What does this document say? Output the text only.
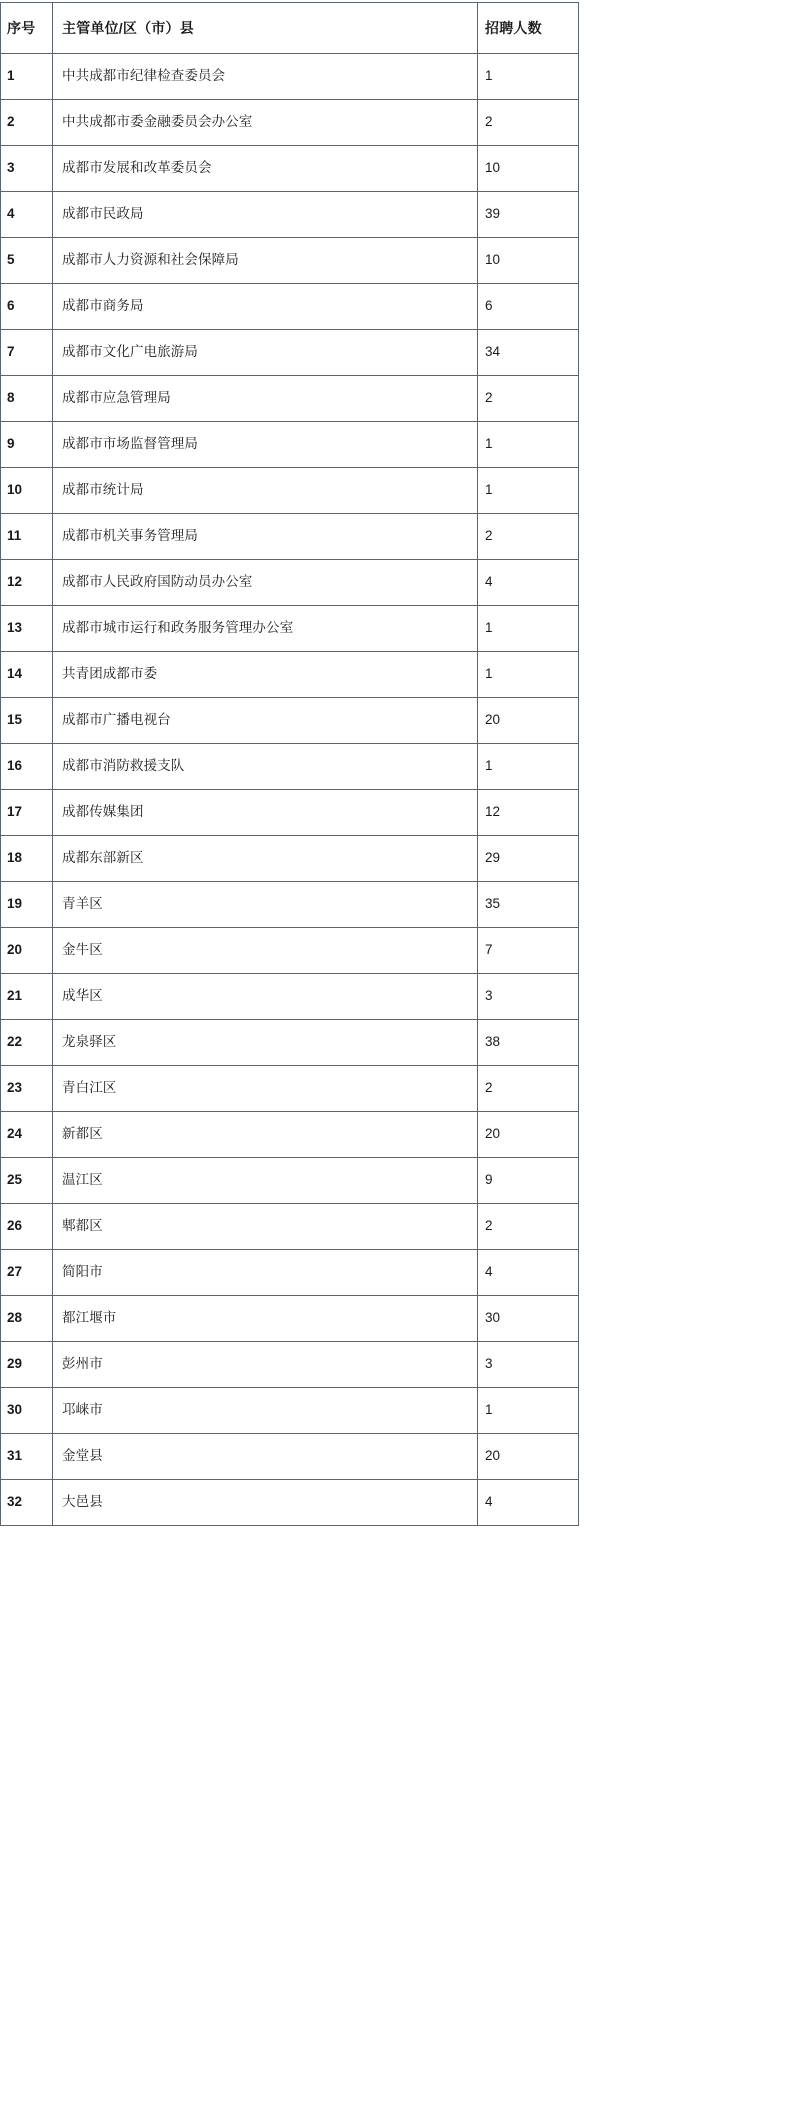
序号	主管单位/区（市）县	招聘人数
1	中共成都市纪律检查委员会	1
2	中共成都市委金融委员会办公室	2
3	成都市发展和改革委员会	10
4	成都市民政局	39
5	成都市人力资源和社会保障局	10
6	成都市商务局	6
7	成都市文化广电旅游局	34
8	成都市应急管理局	2
9	成都市市场监督管理局	1
10	成都市统计局	1
11	成都市机关事务管理局	2
12	成都市人民政府国防动员办公室	4
13	成都市城市运行和政务服务管理办公室	1
14	共青团成都市委	1
15	成都市广播电视台	20
16	成都市消防救援支队	1
17	成都传媒集团	12
18	成都东部新区	29
19	青羊区	35
20	金牛区	7
21	成华区	3
22	龙泉驿区	38
23	青白江区	2
24	新都区	20
25	温江区	9
26	郫都区	2
27	简阳市	4
28	都江堰市	30
29	彭州市	3
30	邛崃市	1
31	金堂县	20
32	大邑县	4
